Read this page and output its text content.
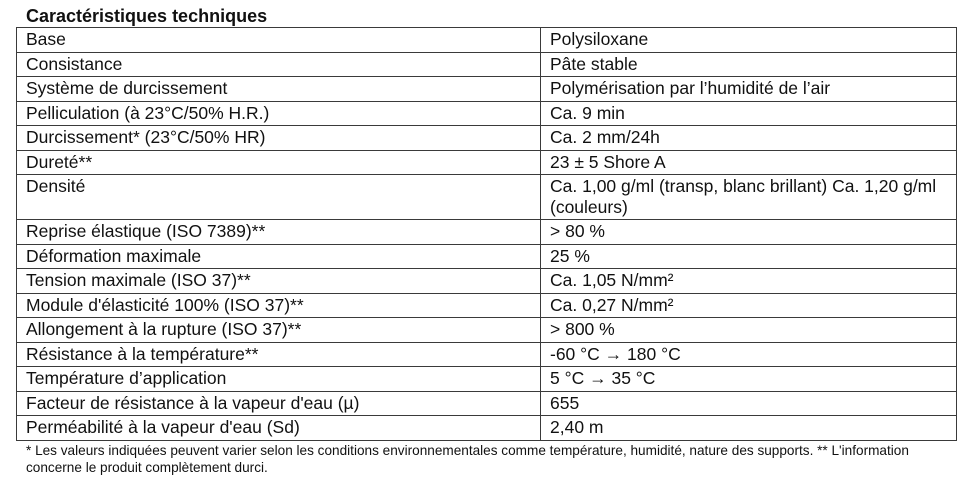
Caractéristiques techniques
Base	Polysiloxane
Consistance	Pâte stable
Système de durcissement	Polymérisation par l’humidité de l’air
Pelliculation (à 23°C/50% H.R.)	Ca. 9 min
Durcissement* (23°C/50% HR)	Ca. 2 mm/24h
Dureté**	23 ± 5 Shore A
Densité	Ca. 1,00 g/ml (transp, blanc brillant) Ca. 1,20 g/ml (couleurs)
Reprise élastique (ISO 7389)**	> 80 %
Déformation maximale	25 %
Tension maximale (ISO 37)**	Ca. 1,05 N/mm²
Module d'élasticité 100% (ISO 37)**	Ca. 0,27 N/mm²
Allongement à la rupture (ISO 37)**	> 800 %
Résistance à la température**	-60 °C → 180 °C
Température d’application	5 °C → 35 °C
Facteur de résistance à la vapeur d'eau (µ)	655
Perméabilité à la vapeur d'eau (Sd)	2,40 m
* Les valeurs indiquées peuvent varier selon les conditions environnementales comme température, humidité, nature des supports. ** L'information concerne le produit complètement durci.
